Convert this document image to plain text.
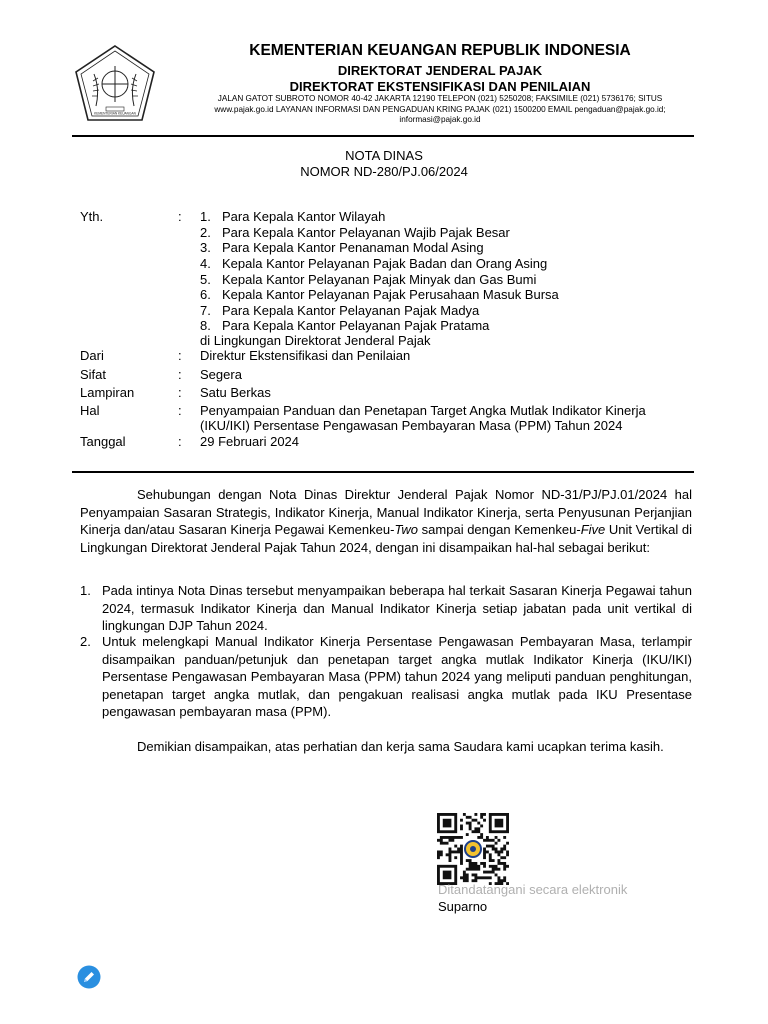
KEMENTERIAN KEUANGAN
KEMENTERIAN KEUANGAN REPUBLIK INDONESIA
DIREKTORAT JENDERAL PAJAK
DIREKTORAT EKSTENSIFIKASI DAN PENILAIAN
JALAN GATOT SUBROTO NOMOR 40-42 JAKARTA 12190 TELEPON (021) 5250208; FAKSIMILE (021) 5736176; SITUS
www.pajak.go.id LAYANAN INFORMASI DAN PENGADUAN KRING PAJAK (021) 1500200 EMAIL pengaduan@pajak.go.id;
informasi@pajak.go.id
NOTA DINAS
NOMOR ND-280/PJ.06/2024
Yth.	: 1. Para Kepala Kantor Wilayah
2. Para Kepala Kantor Pelayanan Wajib Pajak Besar
3. Para Kepala Kantor Penanaman Modal Asing
4. Kepala Kantor Pelayanan Pajak Badan dan Orang Asing
5. Kepala Kantor Pelayanan Pajak Minyak dan Gas Bumi
6. Kepala Kantor Pelayanan Pajak Perusahaan Masuk Bursa
7. Para Kepala Kantor Pelayanan Pajak Madya
8. Para Kepala Kantor Pelayanan Pajak Pratama
di Lingkungan Direktorat Jenderal Pajak
Dari	: Direktur Ekstensifikasi dan Penilaian
Sifat	: Segera
Lampiran	: Satu Berkas
Hal	: Penyampaian Panduan dan Penetapan Target Angka Mutlak Indikator Kinerja
(IKU/IKI) Persentase Pengawasan Pembayaran Masa (PPM) Tahun 2024
Tanggal	: 29 Februari 2024
Sehubungan dengan Nota Dinas Direktur Jenderal Pajak Nomor ND-31/PJ/PJ.01/2024 hal Penyampaian Sasaran Strategis, Indikator Kinerja, Manual Indikator Kinerja, serta Penyusunan Perjanjian Kinerja dan/atau Sasaran Kinerja Pegawai Kemenkeu-Two sampai dengan Kemenkeu-Five Unit Vertikal di Lingkungan Direktorat Jenderal Pajak Tahun 2024, dengan ini disampaikan hal-hal sebagai berikut:
1. Pada intinya Nota Dinas tersebut menyampaikan beberapa hal terkait Sasaran Kinerja Pegawai tahun 2024, termasuk Indikator Kinerja dan Manual Indikator Kinerja setiap jabatan pada unit vertikal di lingkungan DJP Tahun 2024.
2. Untuk melengkapi Manual Indikator Kinerja Persentase Pengawasan Pembayaran Masa, terlampir disampaikan panduan/petunjuk dan penetapan target angka mutlak Indikator Kinerja (IKU/IKI) Persentase Pengawasan Pembayaran Masa (PPM) tahun 2024 yang meliputi panduan penghitungan, penetapan target angka mutlak, dan pengakuan realisasi angka mutlak pada IKU Presentase pengawasan pembayaran masa (PPM).
Demikian disampaikan, atas perhatian dan kerja sama Saudara kami ucapkan terima kasih.
Ditandatangani secara elektronik
Suparno
